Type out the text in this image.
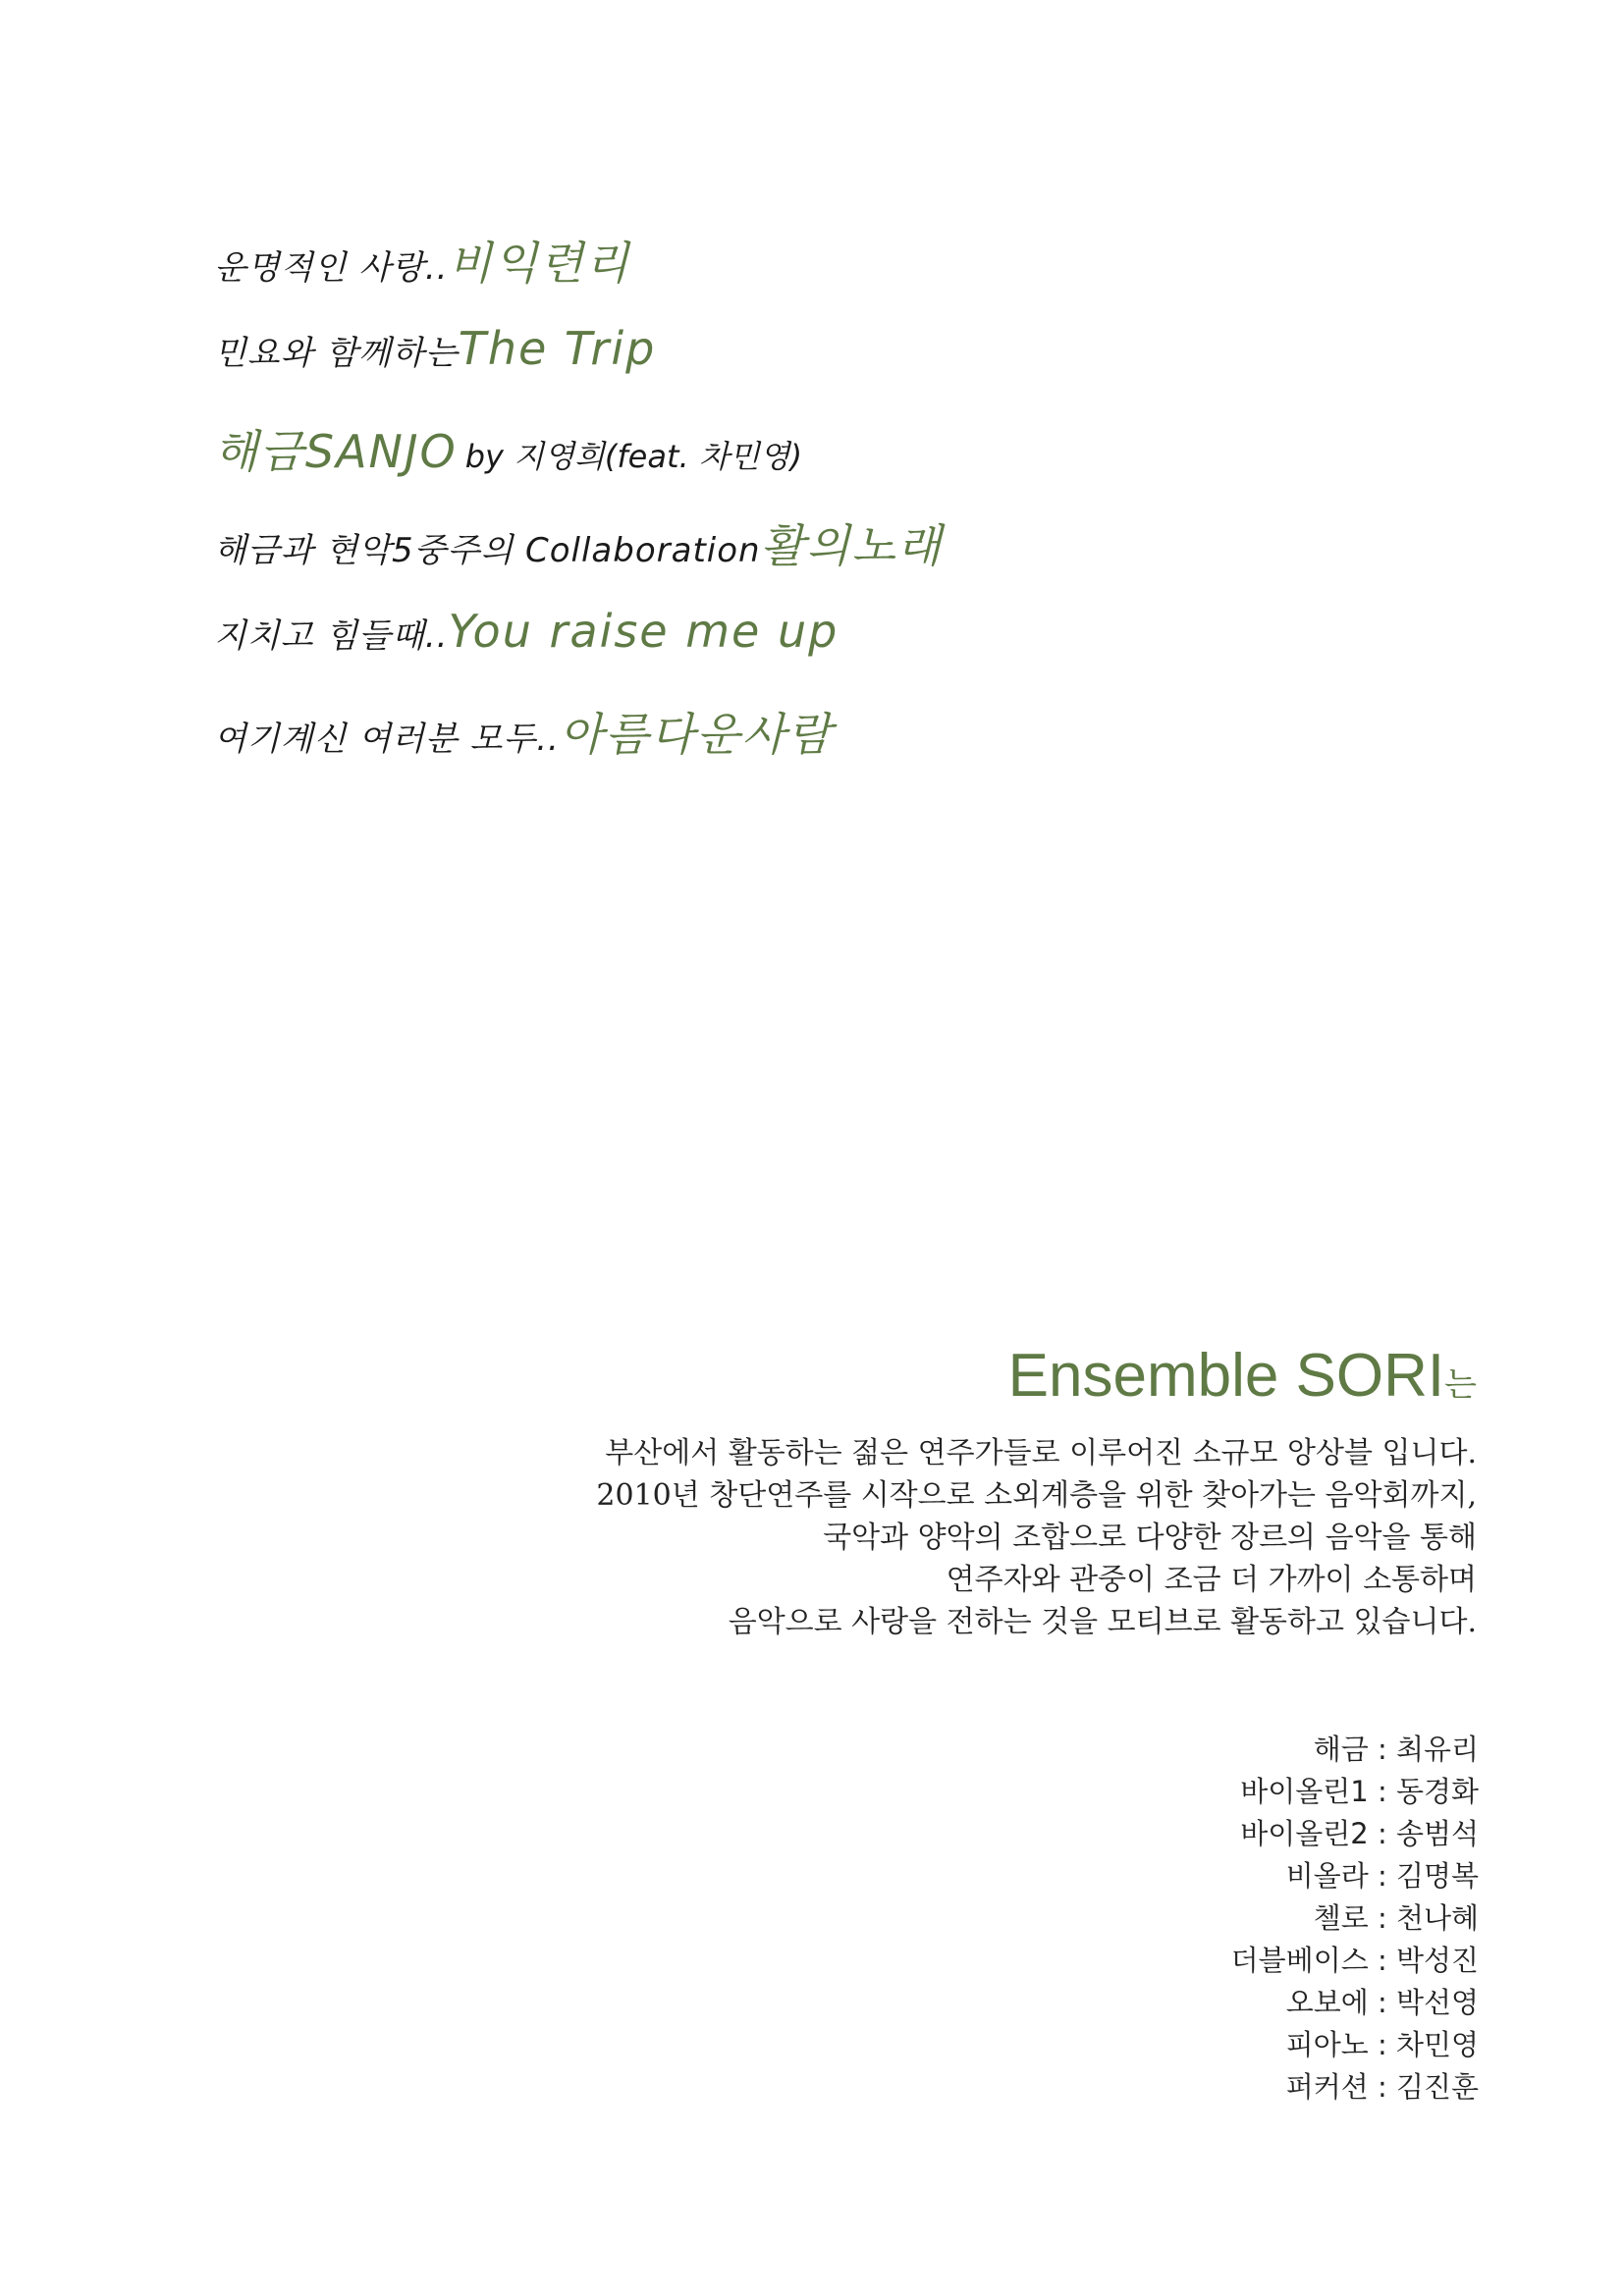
운명적인 사랑.. 비익련리
민요와 함께하는 The Trip
해금SANJO by 지영희(feat. 차민영)
해금과 현악5중주의 Collaboration 활의노래
지치고 힘들때.. You raise me up
여기계신 여러분 모두.. 아름다운사람
Ensemble SORI는
부산에서 활동하는 젊은 연주가들로 이루어진 소규모 앙상블 입니다.
2010년 창단연주를 시작으로 소외계층을 위한 찾아가는 음악회까지,
국악과 양악의 조합으로 다양한 장르의 음악을 통해
연주자와 관중이 조금 더 가까이 소통하며
음악으로 사랑을 전하는 것을 모티브로 활동하고 있습니다.
해금 : 최유리
바이올린1 : 동경화
바이올린2 : 송범석
비올라 : 김명복
첼로 : 천나혜
더블베이스 : 박성진
오보에 : 박선영
피아노 : 차민영
퍼커션 : 김진훈
